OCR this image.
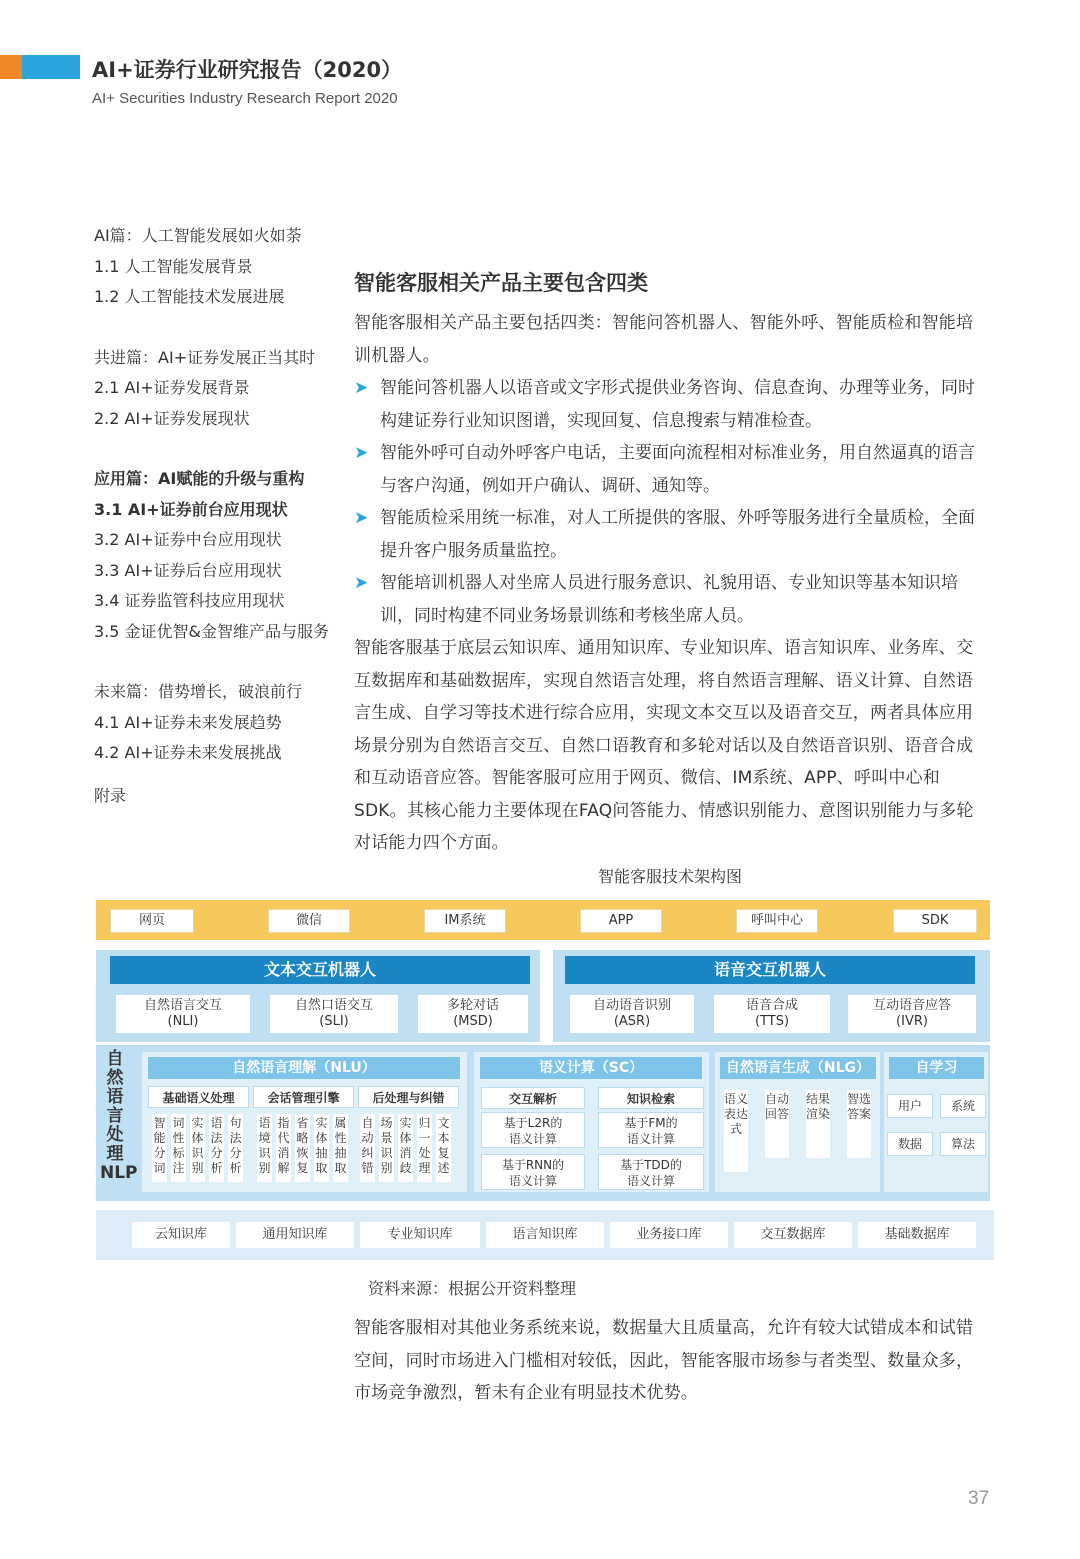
AI+证券行业研究报告（2020）
AI+ Securities Industry Research Report 2020
AI篇：人工智能发展如火如荼
1.1 人工智能发展背景
1.2 人工智能技术发展进展
共进篇：AI+证券发展正当其时
2.1 AI+证券发展背景
2.2 AI+证券发展现状
应用篇：AI赋能的升级与重构
3.1 AI+证券前台应用现状
3.2 AI+证券中台应用现状
3.3 AI+证券后台应用现状
3.4 证券监管科技应用现状
3.5 金证优智&金智维产品与服务
未来篇：借势增长，破浪前行
4.1 AI+证券未来发展趋势
4.2 AI+证券未来发展挑战
附录
智能客服相关产品主要包含四类
智能客服相关产品主要包括四类：智能问答机器人、智能外呼、智能质检和智能培训机器人。
➤ 智能问答机器人以语音或文字形式提供业务咨询、信息查询、办理等业务，同时构建证券行业知识图谱，实现回复、信息搜索与精准检查。
➤ 智能外呼可自动外呼客户电话，主要面向流程相对标准业务，用自然逼真的语言与客户沟通，例如开户确认、调研、通知等。
➤ 智能质检采用统一标准，对人工所提供的客服、外呼等服务进行全量质检，全面提升客户服务质量监控。
➤ 智能培训机器人对坐席人员进行服务意识、礼貌用语、专业知识等基本知识培训，同时构建不同业务场景训练和考核坐席人员。
智能客服基于底层云知识库、通用知识库、专业知识库、语言知识库、业务库、交互数据库和基础数据库，实现自然语言处理，将自然语言理解、语义计算、自然语言生成、自学习等技术进行综合应用，实现文本交互以及语音交互，两者具体应用场景分别为自然语言交互、自然口语教育和多轮对话以及自然语音识别、语音合成和互动语音应答。智能客服可应用于网页、微信、IM系统、APP、呼叫中心和SDK。其核心能力主要体现在FAQ问答能力、情感识别能力、意图识别能力与多轮对话能力四个方面。
智能客服技术架构图
网页	微信	IM系统	APP	呼叫中心	SDK
文本交互机器人
自然语言交互
(NLI)
自然口语交互
(SLI)
多轮对话
(MSD)
语音交互机器人
自动语音识别
(ASR)
语音合成
(TTS)
互动语音应答
(IVR)
自然语言处理NLP
自然语言理解（NLU）
基础语义处理
智能分词
词性标注
实体识别
语法分析
句法分析
会话管理引擎
语境识别
指代消解
省略恢复
实体抽取
属性抽取
后处理与纠错
自动纠错
场景识别
实体消歧
归一处理
文本复述
语义计算（SC）
交互解析
基于L2R的
语义计算
基于RNN的
语义计算
知识检索
基于FM的
语义计算
基于TDD的
语义计算
自然语言生成（NLG）
语义表达式
自动回答
结果渲染
智选答案
自学习
用户	系统
数据	算法
云知识库	通用知识库	专业知识库	语言知识库	业务接口库	交互数据库	基础数据库
资料来源：根据公开资料整理
智能客服相对其他业务系统来说，数据量大且质量高，允许有较大试错成本和试错空间，同时市场进入门槛相对较低，因此，智能客服市场参与者类型、数量众多，市场竞争激烈，暂未有企业有明显技术优势。
37
